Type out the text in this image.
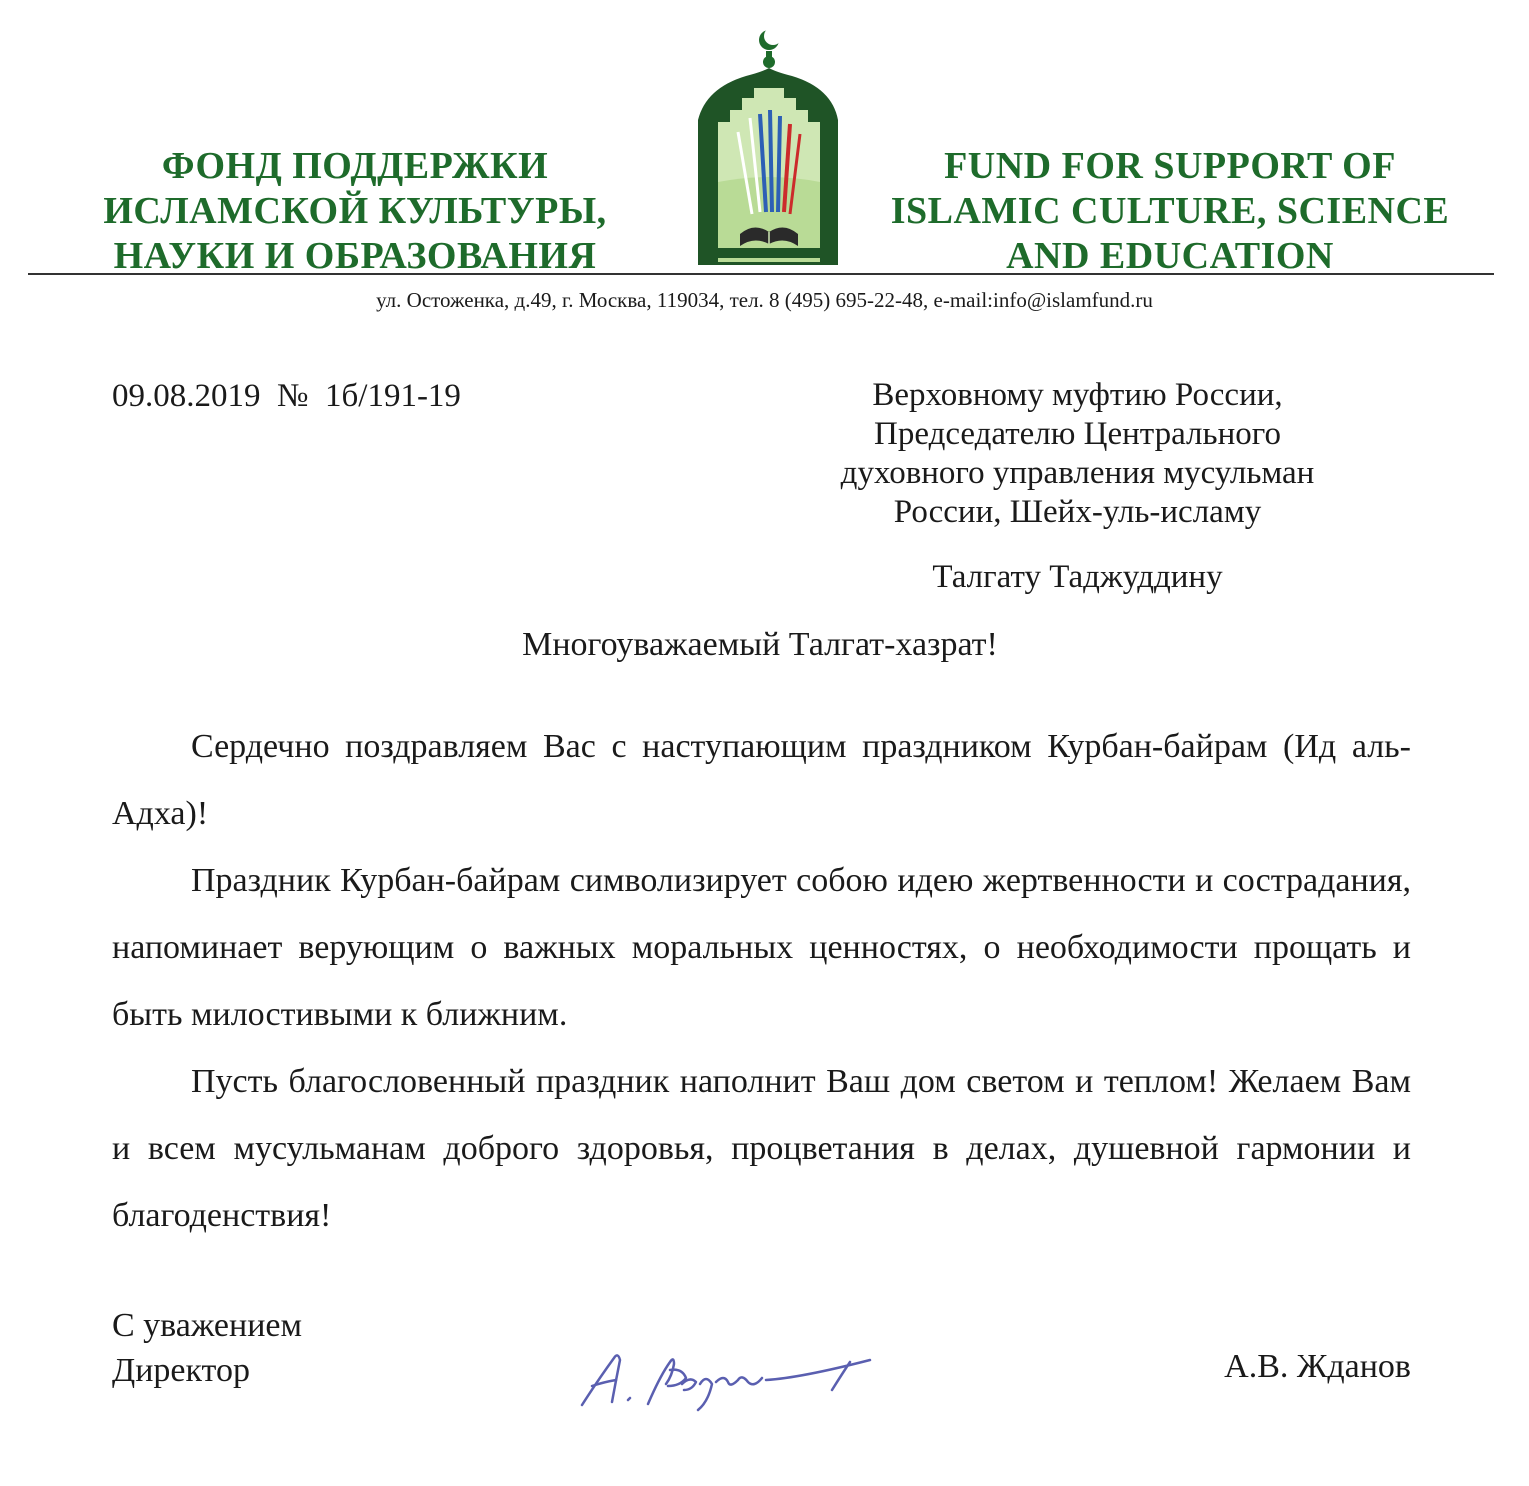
ФОНД ПОДДЕРЖКИ
ИСЛАМСКОЙ КУЛЬТУРЫ,
НАУКИ И ОБРАЗОВАНИЯ
FUND FOR SUPPORT OF
ISLAMIC CULTURE, SCIENCE
AND EDUCATION
ул. Остоженка, д.49, г. Москва, 119034, тел. 8 (495) 695-22-48, e-mail:info@islamfund.ru
09.08.2019  №  1б/191-19	Верховному муфтию России,
Председателю Центрального
духовного управления мусульман
России, Шейх-уль-исламу
Талгату Таджуддину
Многоуважаемый Талгат-хазрат!

Сердечно поздравляем Вас с наступающим праздником Курбан-байрам (Ид аль-Адха)!

Праздник Курбан-байрам символизирует собою идею жертвенности и сострадания, напоминает верующим о важных моральных ценностях, о необходимости прощать и быть милостивыми к ближним.

Пусть благословенный праздник наполнит Ваш дом светом и теплом! Желаем Вам и всем мусульманам доброго здоровья, процветания в делах, душевной гармонии и благоденствия!

С уважением
Директор	А.В. Жданов
